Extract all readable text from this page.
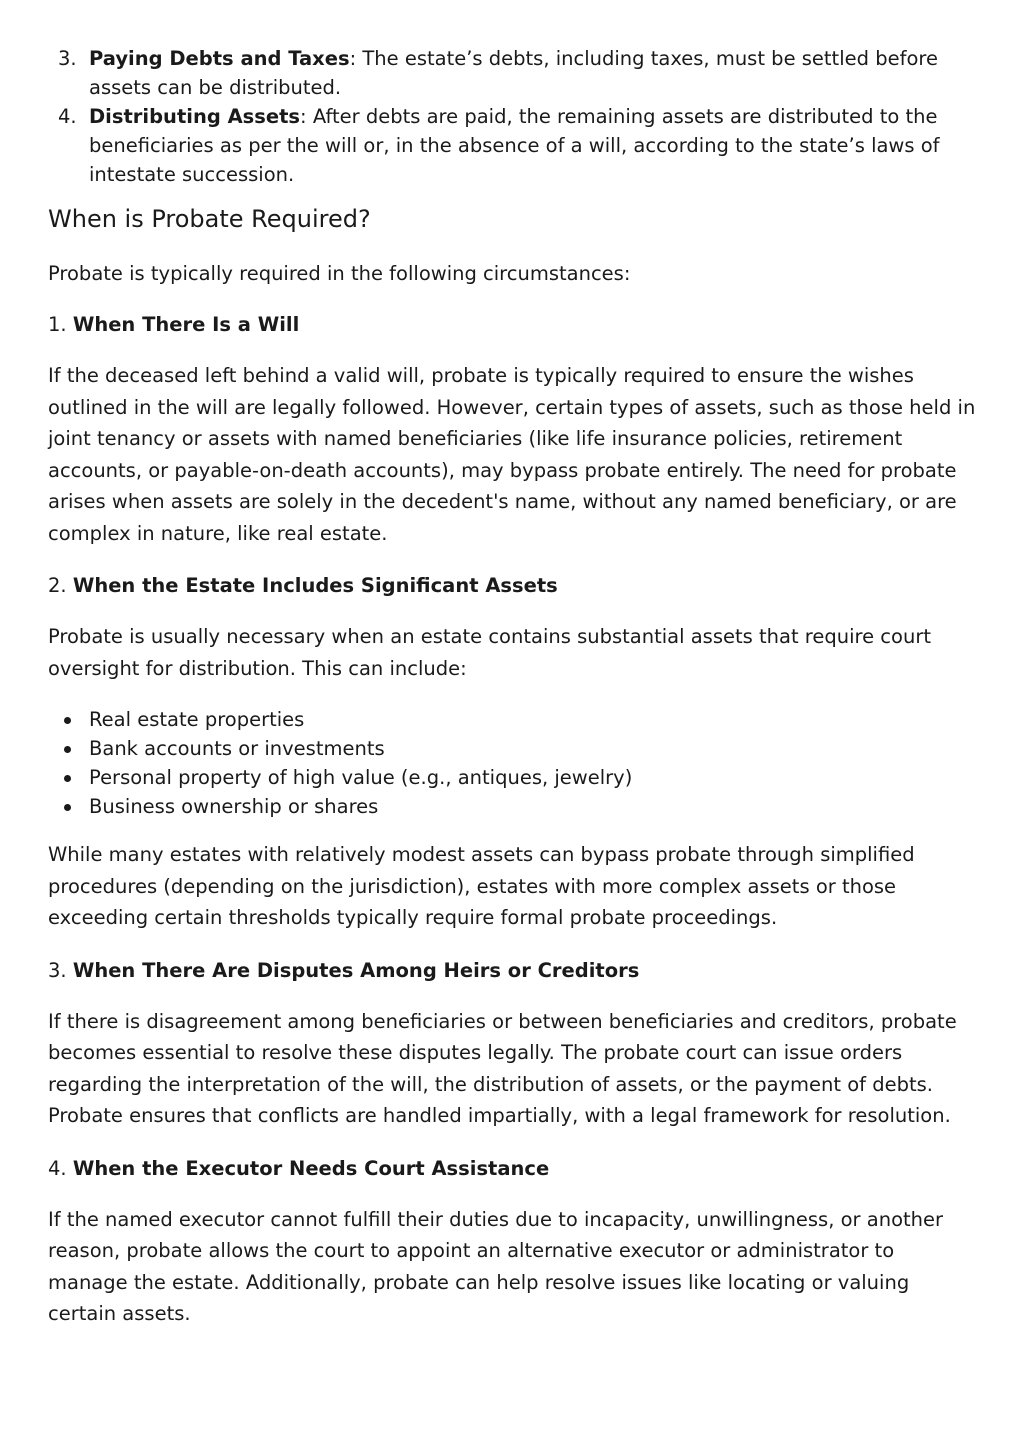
3. Paying Debts and Taxes: The estate’s debts, including taxes, must be settled before assets can be distributed.
4. Distributing Assets: After debts are paid, the remaining assets are distributed to the beneficiaries as per the will or, in the absence of a will, according to the state’s laws of intestate succession.
When is Probate Required?

Probate is typically required in the following circumstances:

1. When There Is a Will

If the deceased left behind a valid will, probate is typically required to ensure the wishes outlined in the will are legally followed. However, certain types of assets, such as those held in joint tenancy or assets with named beneficiaries (like life insurance policies, retirement accounts, or payable-on-death accounts), may bypass probate entirely. The need for probate arises when assets are solely in the decedent's name, without any named beneficiary, or are complex in nature, like real estate.

2. When the Estate Includes Significant Assets

Probate is usually necessary when an estate contains substantial assets that require court oversight for distribution. This can include:

Real estate properties
Bank accounts or investments
Personal property of high value (e.g., antiques, jewelry)
Business ownership or shares

While many estates with relatively modest assets can bypass probate through simplified procedures (depending on the jurisdiction), estates with more complex assets or those exceeding certain thresholds typically require formal probate proceedings.

3. When There Are Disputes Among Heirs or Creditors

If there is disagreement among beneficiaries or between beneficiaries and creditors, probate becomes essential to resolve these disputes legally. The probate court can issue orders regarding the interpretation of the will, the distribution of assets, or the payment of debts. Probate ensures that conflicts are handled impartially, with a legal framework for resolution.

4. When the Executor Needs Court Assistance

If the named executor cannot fulfill their duties due to incapacity, unwillingness, or another reason, probate allows the court to appoint an alternative executor or administrator to manage the estate. Additionally, probate can help resolve issues like locating or valuing certain assets.
